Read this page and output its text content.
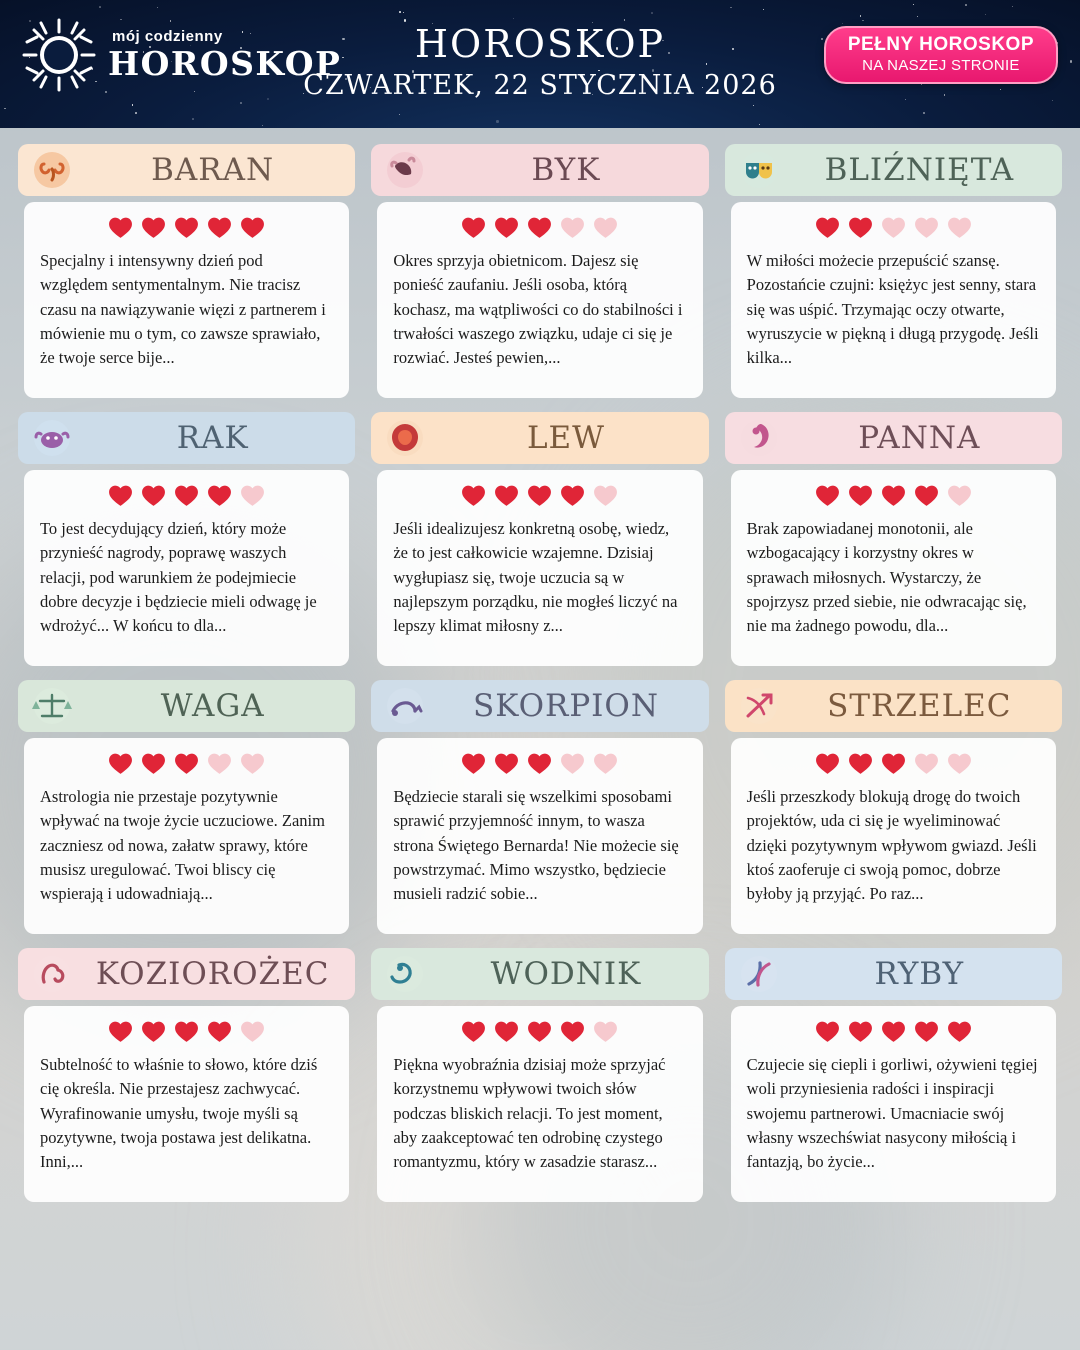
mój codzienny
HOROSKOP	HOROSKOP
CZWARTEK, 22 STYCZNIA 2026
PEŁNY HOROSKOP
NA NASZEJ STRONIE
BARAN
Specjalny i intensywny dzień pod względem sentymentalnym. Nie tracisz czasu na nawiązywanie więzi z partnerem i mówienie mu o tym, co zawsze sprawiało, że twoje serce bije...
BYK
Okres sprzyja obietnicom. Dajesz się ponieść zaufaniu. Jeśli osoba, którą kochasz, ma wątpliwości co do stabilności i trwałości waszego związku, udaje ci się je rozwiać. Jesteś pewien,...
BLIŹNIĘTA
W miłości możecie przepuścić szansę. Pozostańcie czujni: księżyc jest senny, stara się was uśpić. Trzymając oczy otwarte, wyruszycie w piękną i długą przygodę. Jeśli kilka...
RAK
To jest decydujący dzień, który może przynieść nagrody, poprawę waszych relacji, pod warunkiem że podejmiecie dobre decyzje i będziecie mieli odwagę je wdrożyć... W końcu to dla...
LEW
Jeśli idealizujesz konkretną osobę, wiedz, że to jest całkowicie wzajemne. Dzisiaj wygłupiasz się, twoje uczucia są w najlepszym porządku, nie mogłeś liczyć na lepszy klimat miłosny z...
PANNA
Brak zapowiadanej monotonii, ale wzbogacający i korzystny okres w sprawach miłosnych. Wystarczy, że spojrzysz przed siebie, nie odwracając się, nie ma żadnego powodu, dla...
WAGA
Astrologia nie przestaje pozytywnie wpływać na twoje życie uczuciowe. Zanim zaczniesz od nowa, załatw sprawy, które musisz uregulować. Twoi bliscy cię wspierają i udowadniają...
SKORPION
Będziecie starali się wszelkimi sposobami sprawić przyjemność innym, to wasza strona Świętego Bernarda! Nie możecie się powstrzymać. Mimo wszystko, będziecie musieli radzić sobie...
STRZELEC
Jeśli przeszkody blokują drogę do twoich projektów, uda ci się je wyeliminować dzięki pozytywnym wpływom gwiazd. Jeśli ktoś zaoferuje ci swoją pomoc, dobrze byłoby ją przyjąć. Po raz...
KOZIOROŻEC
Subtelność to właśnie to słowo, które dziś cię określa. Nie przestajesz zachwycać. Wyrafinowanie umysłu, twoje myśli są pozytywne, twoja postawa jest delikatna. Inni,...
WODNIK
Piękna wyobraźnia dzisiaj może sprzyjać korzystnemu wpływowi twoich słów podczas bliskich relacji. To jest moment, aby zaakceptować ten odrobinę czystego romantyzmu, który w zasadzie starasz...
RYBY
Czujecie się ciepli i gorliwi, ożywieni tęgiej woli przyniesienia radości i inspiracji swojemu partnerowi. Umacniacie swój własny wszechświat nasycony miłością i fantazją, bo życie...
